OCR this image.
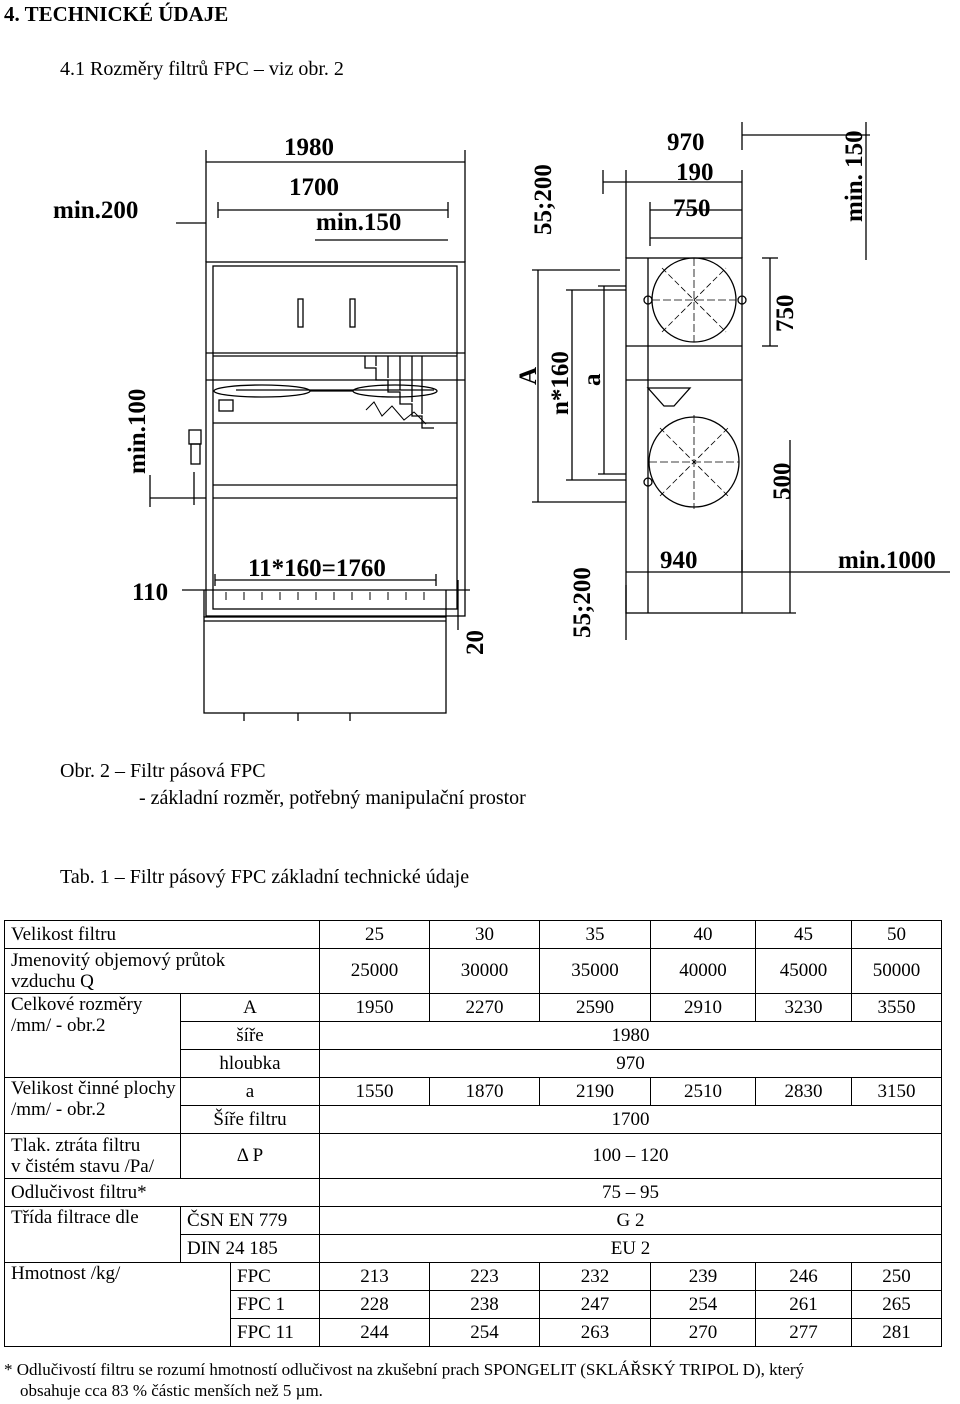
4. TECHNICKÉ ÚDAJE
4.1 Rozměry filtrů FPC – viz obr. 2
1980
1700
min.150
min.200	55;200
970
190
750	min. 150
750
A n*160 a
min.100
500
940	min.1000
11*160=1760
110
20
55;200
Obr. 2 – Filtr pásová FPC
- základní rozměr, potřebný manipulační prostor
Tab. 1 – Filtr pásový FPC základní technické údaje
Velikost filtru			25	30	35	40	45	50

Jmenovitý objemový průtok
vzduchu Q			25000	30000	35000	40000	45000	50000

Celkové rozměry
/mm/ - obr.2	A		1950	2270	2590	2910	3230	3550
	šíře		1980					
	hloubka		970					

Velikost činné plochy
/mm/ - obr.2	a		1550	1870	2190	2510	2830	3150
	Šíře filtru		1700					

Tlak. ztráta filtru
v čistém stavu /Pa/	Δ P		100 – 120					
Odlučivost filtru*			75 – 95					
Třída filtrace dle	ČSN EN 779		G 2					
	DIN 24 185		EU 2					
Hmotnost /kg/		FPC	213	223	232	239	246	250
		FPC 1	228	238	247	254	261	265
		FPC 11	244	254	263	270	277	281
* Odlučivostí filtru se rozumí hmotností odlučivost na zkušební prach SPONGELIT (SKLÁŘSKÝ TRIPOL D), který
obsahuje cca 83 % částic menších než 5 µm.
